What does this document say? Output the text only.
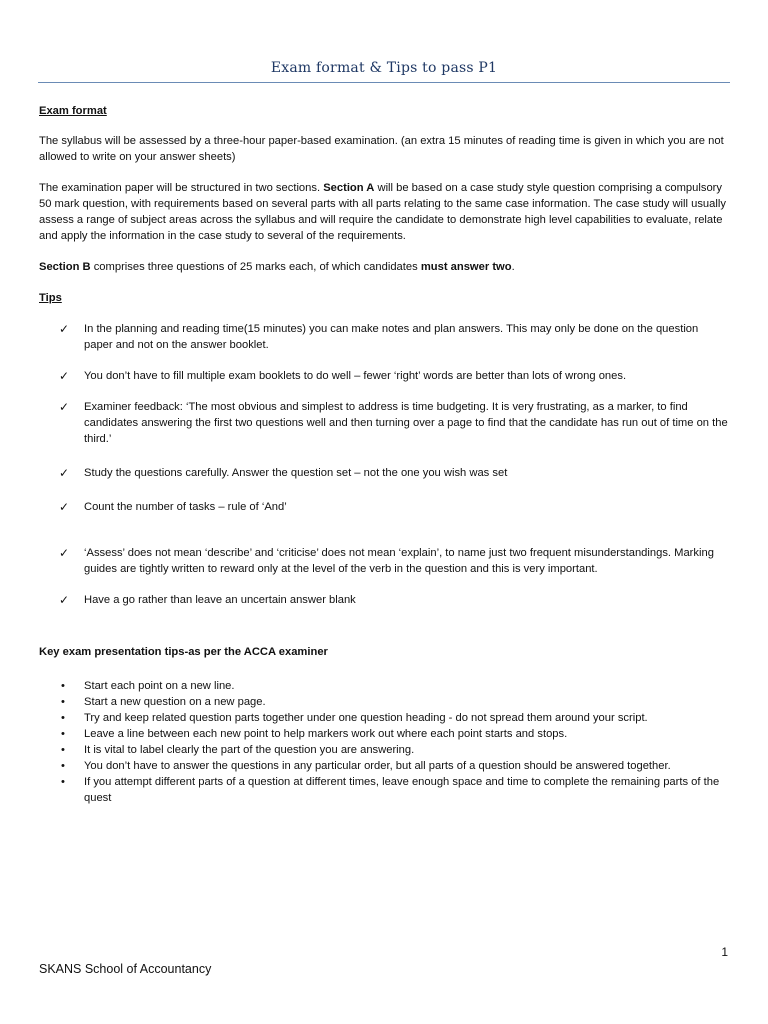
Exam format & Tips to pass P1

Exam format

The syllabus will be assessed by a three-hour paper-based examination. (an extra 15 minutes of reading time is given in which you are not allowed to write on your answer sheets)

The examination paper will be structured in two sections. Section A will be based on a case study style question comprising a compulsory 50 mark question, with requirements based on several parts with all parts relating to the same case information. The case study will usually assess a range of subject areas across the syllabus and will require the candidate to demonstrate high level capabilities to evaluate, relate and apply the information in the case study to several of the requirements.

Section B comprises three questions of 25 marks each, of which candidates must answer two.

Tips

✓ In the planning and reading time(15 minutes) you can make notes and plan answers. This may only be done on the question paper and not on the answer booklet.
✓ You don’t have to fill multiple exam booklets to do well – fewer ‘right’ words are better than lots of wrong ones.
✓ Examiner feedback: ‘The most obvious and simplest to address is time budgeting. It is very frustrating, as a marker, to find candidates answering the first two questions well and then turning over a page to find that the candidate has run out of time on the third.’
✓ Study the questions carefully. Answer the question set – not the one you wish was set
✓ Count the number of tasks – rule of ‘And’
✓ ‘Assess’ does not mean ‘describe’ and ‘criticise’ does not mean ‘explain’, to name just two frequent misunderstandings. Marking guides are tightly written to reward only at the level of the verb in the question and this is very important.
✓ Have a go rather than leave an uncertain answer blank

Key exam presentation tips-as per the ACCA examiner

• Start each point on a new line.
• Start a new question on a new page.
• Try and keep related question parts together under one question heading - do not spread them around your script.
• Leave a line between each new point to help markers work out where each point starts and stops.
• It is vital to label clearly the part of the question you are answering.
• You don’t have to answer the questions in any particular order, but all parts of a question should be answered together.
• If you attempt different parts of a question at different times, leave enough space and time to complete the remaining parts of the quest
1
SKANS School of Accountancy
